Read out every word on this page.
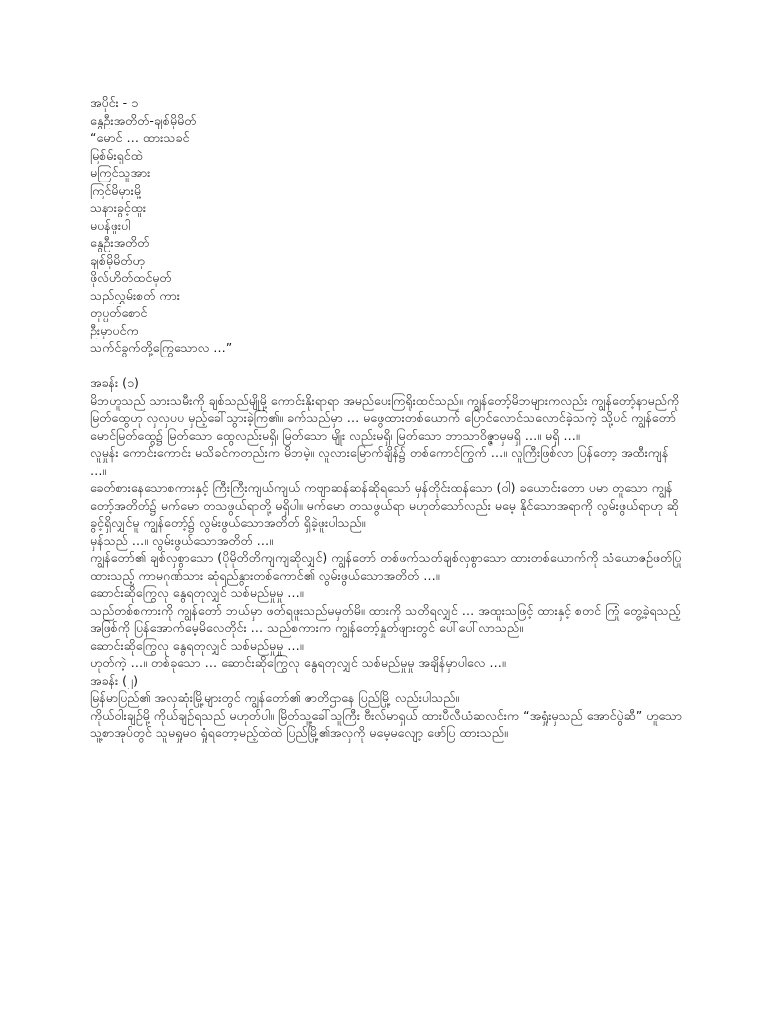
အပိုင်း - ၁
နွေဦးအတိတ်-ချစ်မိုမိတ်
“မောင် … ထားသခင်
မြစ်မ်းရှင်ထဲ
မကြင်သူအား
ကြင်မိမှားမို့
သနားခွင့်ထူး
မပန်ဖူးပါ
နွေဦးအတိတ်
ချစ်မိုမိတ်ဟု
ဖိုလ်ဟိတ်ထင်မှတ်
သည်လွှမ်းစတ် ကား
တုပ္ပတ်စောင်
ဦးမှာပင်က
သက်င်ခွက်တို့ကြွေသောလ …”
အခန်း (၁)
မိဘဟူသည် သားသမီးကို ချစ်သည်မျိုမို့ ကောင်းနိုးရာရာ အမည်ပေးကြရိုးထင်သည်။ ကျွန်တော့်မိဘများကလည်း ကျွန်တော့်နာမည်ကို မြတ်ထွေဟု လှလှပပ မှည့်ခေါ်သွားခဲ့ကြ၏။ ခက်သည်မှာ … မဖွေထားတစ်ယောက် ပြောင်လောင်သလောင်ခဲ့သကဲ့ သို့ပင် ကျွန်တော် မောင်မြတ်ထွေ၌ မြတ်သော ထွေလည်းမရှိ၊ မြတ်သော မျိုး လည်းမရှိ၊ မြတ်သော ဘာသာဝိဇ္ဇာမှမရှိ …။ မရှိ …။
လူမှုန်း ကောင်းကောင်း မသိခင်ကတည်းက မိဘမဲ့။ လူလားမြောက်ချိန်၌ တစ်ကောင်ကြွက် …။ လူကြီးဖြစ်လာ ပြန်တော့ အထီးကျန် …။
ခေတ်စားနေသောစကားနှင့် ကြီးကြီးကျယ်ကျယ် ကဗျာဆန်ဆန်ဆိုရသော် မှန်တိုင်းထန်သော (ဝါ) ခယောင်းတော ပမာ တူသော ကျွန်တော့်အတိတ်၌ မက်မော တသဖွယ်ရာတို့ မရှိပါ။ မက်မော တသဖွယ်ရာ မဟုတ်သော်လည်း မမေ့ နိုင်သောအရာကို လွမ်းဖွယ်ရာဟု ဆိုခွင့်ရှိလျှင်မူ ကျွန်တော့်၌ လွမ်းဖွယ်သောအတိတ် ရှိခဲ့ဖူးပါသည်။
မှန်သည် …။ လွမ်းဖွယ်သောအတိတ် …။
ကျွန်တော်၏ ချစ်လှစွာသော (ပိုမိုတိတိကျကျဆိုလျှင်) ကျွန်တော် တစ်ဖက်သတ်ချစ်လှစွာသော ထားတစ်ယောက်ကို သံယောဇဉ်ဖတ်ပြုထားသည့် ကာမဂုဏ်သား ဆုံရည်နွားတစ်ကောင်၏ လွမ်းဖွယ်သောအတိတ် …။
ဆောင်းဆိုကြွေလု နွေရတုလျှင် သစ်မည်မှုမှု …။
သည်တစ်စကားကို ကျွန်တော် ဘယ်မှာ ဖတ်ရဖူးသည်မမှတ်မိ။ ထားကို သတိရလျှင် … အထူးသဖြင့် ထားနှင့် စတင် ကြုံ တွေ့ခဲ့ရသည့်အဖြစ်ကို ပြန်အောက်မေ့မိလေတိုင်း … သည်စကားက ကျွန်တော့်နှုတ်ဖျားတွင် ပေါ်ပေါ်လာသည်။
ဆောင်းဆိုကြွေလု နွေရတုလျှင် သစ်မည်မှုမှု …။
ဟုတ်ကဲ့ …။ တစ်ခုသော … ဆောင်းဆိုကြွေလု နွေရတုလျှင် သစ်မည်မှုမှု အချိန်မှာပါလေ …။
အခန်း (၂)
မြန်မာပြည်၏ အလှဆုံးမြို့များတွင် ကျွန်တော်၏ ဇာတိဌာနေ ပြည်မြို့ လည်းပါသည်။
ကိုယ်ဝါးချဉ်မို့ ကိုယ်ချဉ်ရသည် မဟုတ်ပါ။ မြိတ်သူ့ခေါ်သူကြီး ဗီးလ်မာရှယ် ထားပီလီယံဆလင်းက “အရှုံးမှသည် အောင်ပွဲဆီ” ဟူသော သူ့စာအုပ်တွင် သူမရှုမဝ ရှုံရတော့မည့်ထဲထဲ ပြည်မြို့၏အလှကို မမေ့မလျော့ ဖော်ပြ ထားသည်။
